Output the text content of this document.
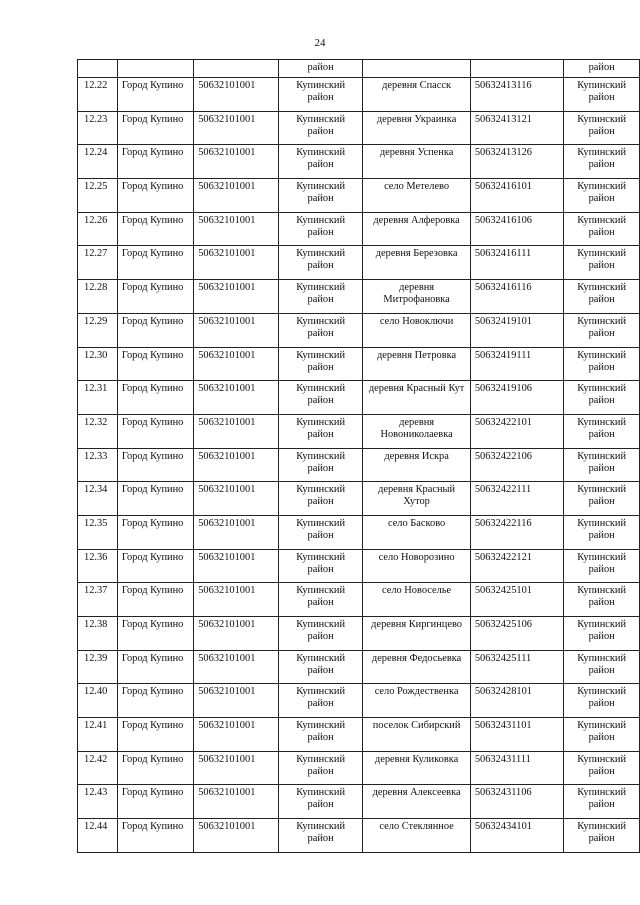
24
			район			район
12.22	Город Купино	50632101001	Купинский район	деревня Спасск	50632413116	Купинский район
12.23	Город Купино	50632101001	Купинский район	деревня Украинка	50632413121	Купинский район
12.24	Город Купино	50632101001	Купинский район	деревня Успенка	50632413126	Купинский район
12.25	Город Купино	50632101001	Купинский район	село Метелево	50632416101	Купинский район
12.26	Город Купино	50632101001	Купинский район	деревня Алферовка	50632416106	Купинский район
12.27	Город Купино	50632101001	Купинский район	деревня Березовка	50632416111	Купинский район
12.28	Город Купино	50632101001	Купинский район	деревня Митрофановка	50632416116	Купинский район
12.29	Город Купино	50632101001	Купинский район	село Новоключи	50632419101	Купинский район
12.30	Город Купино	50632101001	Купинский район	деревня Петровка	50632419111	Купинский район
12.31	Город Купино	50632101001	Купинский район	деревня Красный Кут	50632419106	Купинский район
12.32	Город Купино	50632101001	Купинский район	деревня Новониколаевка	50632422101	Купинский район
12.33	Город Купино	50632101001	Купинский район	деревня Искра	50632422106	Купинский район
12.34	Город Купино	50632101001	Купинский район	деревня Красный Хутор	50632422111	Купинский район
12.35	Город Купино	50632101001	Купинский район	село Басково	50632422116	Купинский район
12.36	Город Купино	50632101001	Купинский район	село Новорозино	50632422121	Купинский район
12.37	Город Купино	50632101001	Купинский район	село Новоселье	50632425101	Купинский район
12.38	Город Купино	50632101001	Купинский район	деревня Киргинцево	50632425106	Купинский район
12.39	Город Купино	50632101001	Купинский район	деревня Федосьевка	50632425111	Купинский район
12.40	Город Купино	50632101001	Купинский район	село Рождественка	50632428101	Купинский район
12.41	Город Купино	50632101001	Купинский район	поселок Сибирский	50632431101	Купинский район
12.42	Город Купино	50632101001	Купинский район	деревня Куликовка	50632431111	Купинский район
12.43	Город Купино	50632101001	Купинский район	деревня Алексеевка	50632431106	Купинский район
12.44	Город Купино	50632101001	Купинский район	село Стеклянное	50632434101	Купинский район
